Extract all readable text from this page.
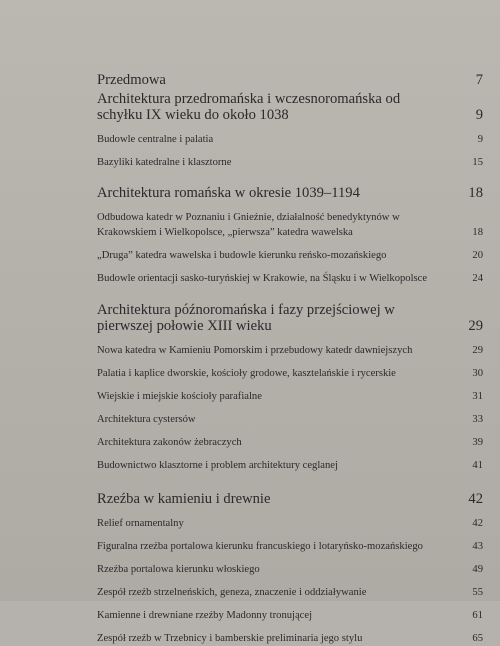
Przedmowa	7
Architektura przedromańska i wczesnoromańska od schyłku IX wieku do około 1038	9
Budowle centralne i palatia	9
Bazyliki katedralne i klasztorne	15
Architektura romańska w okresie 1039–1194	18
Odbudowa katedr w Poznaniu i Gnieźnie, działalność benedyktynów w Krakowskiem i Wielkopolsce, „pierwsza” katedra wawelska	18
„Druga” katedra wawelska i budowle kierunku reńsko-mozańskiego	20
Budowle orientacji sasko-turyńskiej w Krakowie, na Śląsku i w Wielkopolsce	24
Architektura późnoromańska i fazy przejściowej w pierwszej połowie XIII wieku	29
Nowa katedra w Kamieniu Pomorskim i przebudowy katedr dawniejszych	29
Palatia i kaplice dworskie, kościoły grodowe, kasztelańskie i rycerskie	30
Wiejskie i miejskie kościoły parafialne	31
Architektura cystersów	33
Architektura zakonów żebraczych	39
Budownictwo klasztorne i problem architektury ceglanej	41
Rzeźba w kamieniu i drewnie	42
Relief ornamentalny	42
Figuralna rzeźba portalowa kierunku francuskiego i lotaryńsko-mozańskiego	43
Rzeźba portalowa kierunku włoskiego	49
Zespół rzeźb strzelneńskich, geneza, znaczenie i oddziaływanie	55
Kamienne i drewniane rzeźby Madonny tronującej	61
Zespół rzeźb w Trzebnicy i bamberskie preliminaria jego stylu	65
